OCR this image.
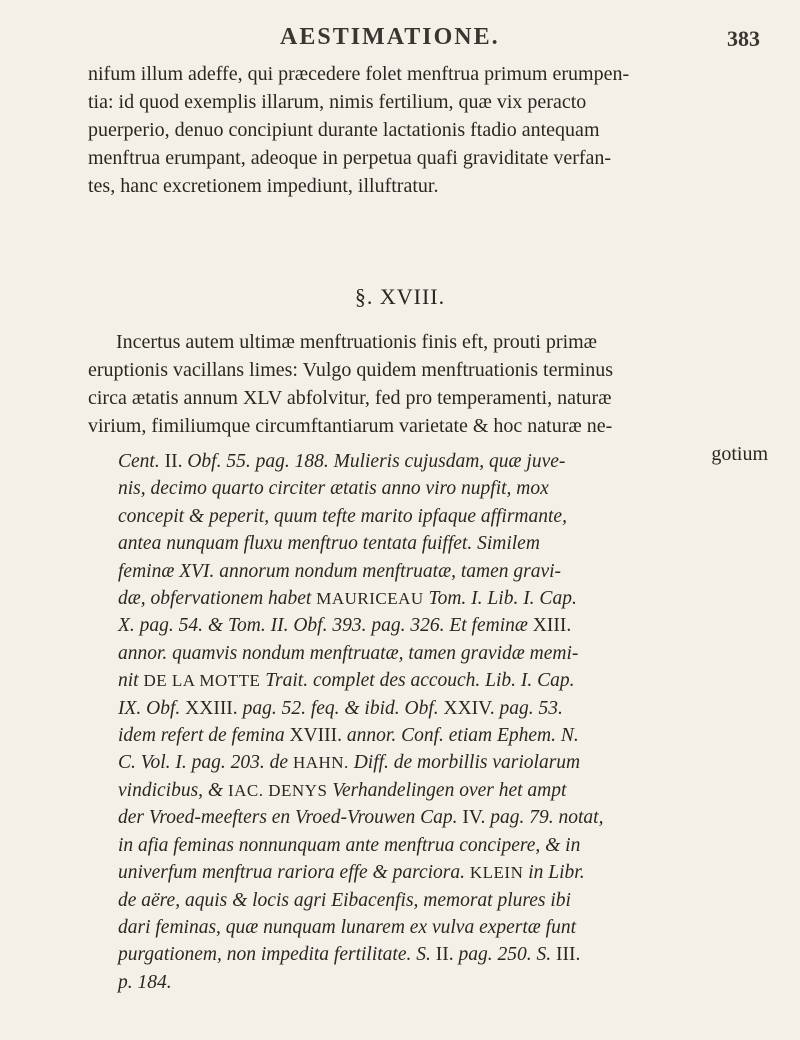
AESTIMATIONE.	383
nifum illum adeffe, qui præcedere folet menftrua primum erumpen-
tia: id quod exemplis illarum, nimis fertilium, quæ vix peracto
puerperio, denuo concipiunt durante lactationis ftadio antequam
menftrua erumpant, adeoque in perpetua quafi graviditate verfan-
tes, hanc excretionem impediunt, illuftratur.
§. XVIII.
Incertus autem ultimæ menftruationis finis eft, prouti primæ
eruptionis vacillans limes: Vulgo quidem menftruationis terminus
circa ætatis annum XLV abfolvitur, fed pro temperamenti, naturæ
virium, fimiliumque circumftantiarum varietate & hoc naturæ ne-
gotium
Cent. II. Obf. 55. pag. 188. Mulieris cujusdam, quæ juve-
nis, decimo quarto circiter ætatis anno viro nupfit, mox
concepit & peperit, quum tefte marito ipfaque affirmante,
antea nunquam fluxu menftruo tentata fuiffet. Similem
feminæ XVI. annorum nondum menftruatæ, tamen gravi-
dæ, obfervationem habet MAURICEAU Tom. I. Lib. I. Cap.
X. pag. 54. & Tom. II. Obf. 393. pag. 326. Et feminæ XIII.
annor. quamvis nondum menftruatæ, tamen gravidæ memi-
nit DE LA MOTTE Trait. complet des accouch. Lib. I. Cap.
IX. Obf. XXIII. pag. 52. feq. & ibid. Obf. XXIV. pag. 53.
idem refert de femina XVIII. annor. Conf. etiam Ephem. N.
C. Vol. I. pag. 203. de HAHN. Diff. de morbillis variolarum
vindicibus, & IAC. DENYS Verhandelingen over het ampt
der Vroed-meefters en Vroed-Vrouwen Cap. IV. pag. 79. notat,
in afia feminas nonnunquam ante menftrua concipere, & in
univerfum menftrua rariora effe & parciora. KLEIN in Libr.
de aëre, aquis & locis agri Eibacenfis, memorat plures ibi
dari feminas, quæ nunquam lunarem ex vulva expertæ funt
purgationem, non impedita fertilitate. S. II. pag. 250. S. III.
p. 184.
